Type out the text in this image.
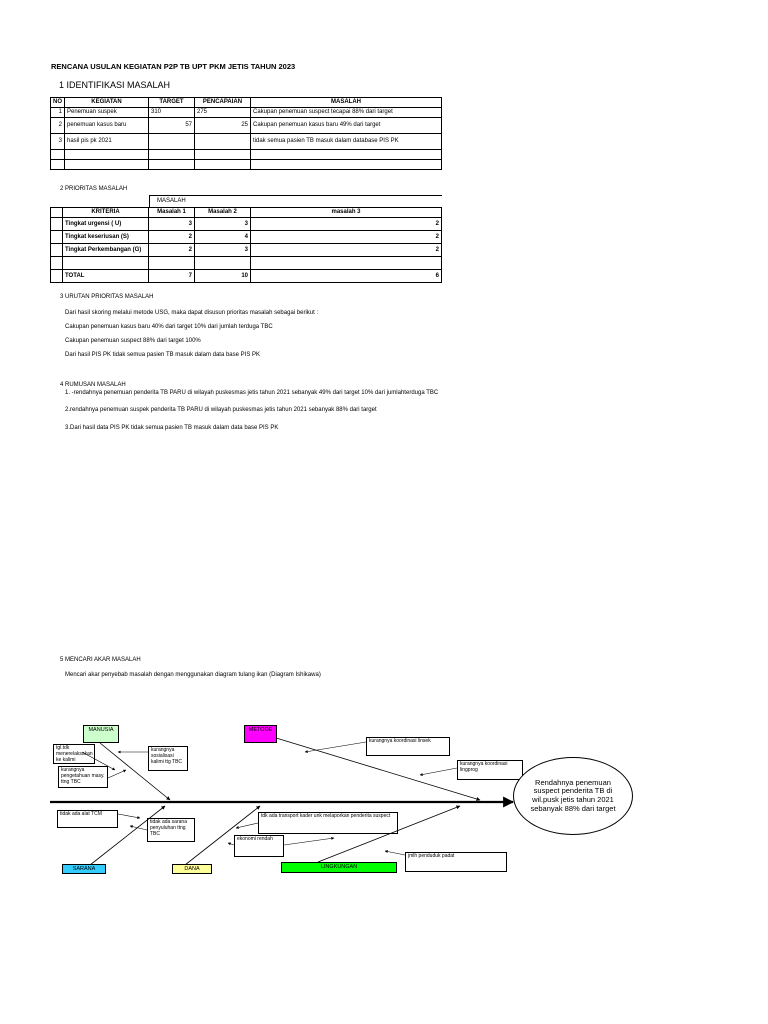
RENCANA USULAN KEGIATAN P2P TB UPT PKM JETIS TAHUN 2023
1 IDENTIFIKASI MASALAH
NO	KEGIATAN	TARGET	PENCAPAIAN	MASALAH
1	Penemuan suspek	310	275	Cakupan penemuan suspect tecapai 88% dari target
2	penemuan kasus baru	57	25	Cakupan penemuan kasus baru 49% dari target
3	hasil pis pk 2021			tidak semua pasien TB masuk dalam database PIS PK

2 PRIORITAS MASALAH
MASALAH
	KRITERIA	Masalah 1	Masalah 2	masalah 3
	Tingkat urgensi ( U)	3	3	2
	Tingkat keseriusan (S)	2	4	2
	Tingkat Perkembangan (G)	2	3	2

	TOTAL	7	10	6
3 URUTAN PRIORITAS MASALAH
Dari hasil skoring melalui metode USG, maka dapat disusun prioritas masalah sebagai berikut :
Cakupan penemuan kasus baru 40% dari target 10% dari jumlah terduga TBC
Cakupan penemuan suspect 88% dari target 100%
Dari hasil PIS PK tidak semua pasien TB masuk dalam data base PIS PK
4 RUMUSAN MASALAH
1. -rendahnya penemuan penderita TB PARU di wilayah puskesmas jetis tahun 2021 sebanyak 49% dari target 10% dari jumlahterduga TBC
2.rendahnya penemuan suspek penderita TB PARU di wilayah puskesmas jetis tahun 2021 sebanyak 88% dari target
3.Dari hasil data PIS PK tidak semua pasien TB masuk dalam data base PIS PK
5 MENCARI AKAR MASALAH
Mencari akar penyebab masalah dengan menggunakan diagram tulang ikan (Diagram Ishikawa)
MANUSIA	METODE
SARANA	DANA	LINGKUNGAN
tgl.tdk menerelaksakan ke kalimi
kurangnya sosialisasi kalimi ttg TBC
kurangnya pengetahuan masy. ttng TBC
kurangnya koordinasi linsek
kurangnya koordinasi lingprog
tidak ada alat TCM
tidak ada sarana penyuluhan ttng TBC
tdk ada transport kader unk melaporkan penderita suspect
ekonomi rendah
jmlh penduduk padat
Rendahnya penemuan suspect penderita TB di wil.pusk jetis tahun 2021 sebanyak 88% dari target
